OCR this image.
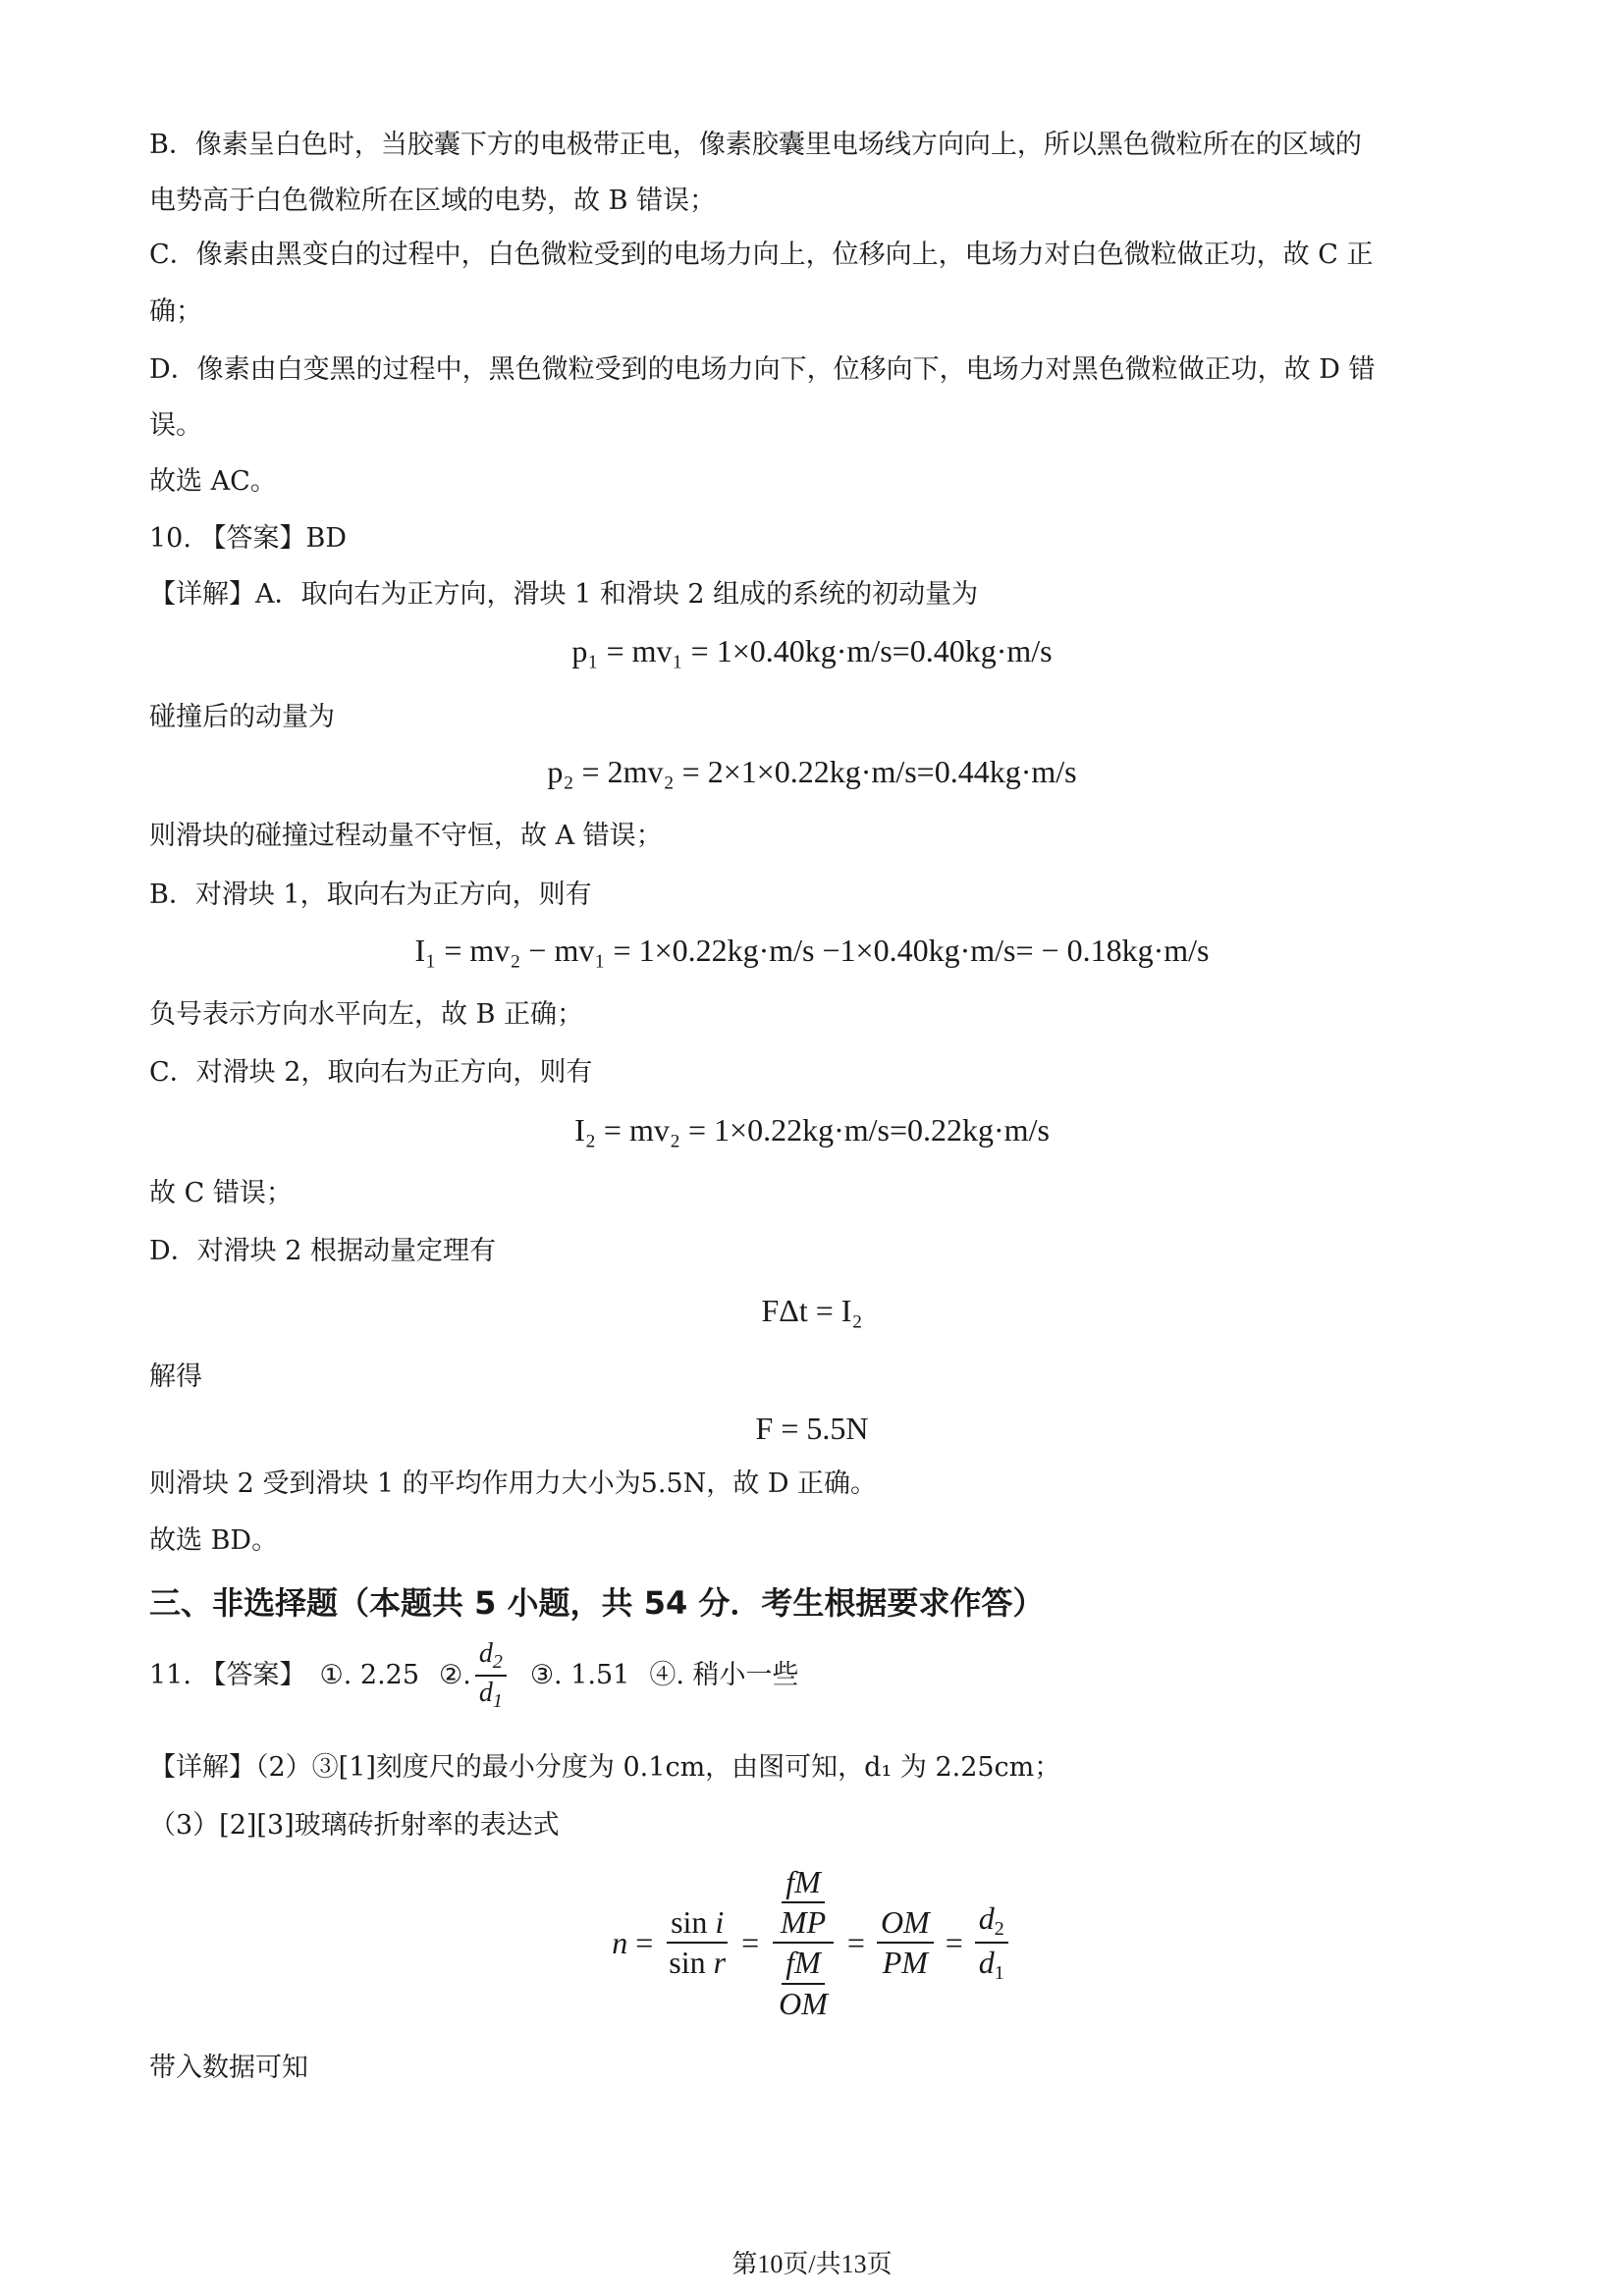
B．像素呈白色时，当胶囊下方的电极带正电，像素胶囊里电场线方向向上，所以黑色微粒所在的区域的
电势高于白色微粒所在区域的电势，故 B 错误；
C．像素由黑变白的过程中，白色微粒受到的电场力向上，位移向上，电场力对白色微粒做正功，故 C 正
确；
D．像素由白变黑的过程中，黑色微粒受到的电场力向下，位移向下，电场力对黑色微粒做正功，故 D 错
误。
故选 AC。
10. 【答案】BD
【详解】A．取向右为正方向，滑块 1 和滑块 2 组成的系统的初动量为
p₁ = mv₁ = 1×0.40kg·m/s=0.40kg·m/s
碰撞后的动量为
p₂ = 2mv₂ = 2×1×0.22kg·m/s=0.44kg·m/s
则滑块的碰撞过程动量不守恒，故 A 错误；
B．对滑块 1，取向右为正方向，则有
I₁ = mv₂ − mv₁ = 1×0.22kg·m/s −1×0.40kg·m/s= − 0.18kg·m/s
负号表示方向水平向左，故 B 正确；
C．对滑块 2，取向右为正方向，则有
I₂ = mv₂ = 1×0.22kg·m/s=0.22kg·m/s
故 C 错误；
D．对滑块 2 根据动量定理有
FΔt = I₂
解得
F = 5.5N
则滑块 2 受到滑块 1 的平均作用力大小为5.5N，故 D 正确。
故选 BD。
三、非选择题（本题共 5 小题，共 54 分．考生根据要求作答）
11. 【答案】 ①. 2.25 ②. $\frac{d_2}{d_1}$ ③. 1.51 ④. 稍小一些
【详解】（2）③[1]刻度尺的最小分度为 0.1cm，由图可知，d₁ 为 2.25cm；
（3）[2][3]玻璃砖折射率的表达式
$n = \frac{\text{sin i}}{\text{sin r}} = \frac{\frac{fM}{MP}}{\frac{fM}{OM}} = \frac{OM}{PM} = \frac{d_2}{d_1}$
带入数据可知
第10页/共13页
